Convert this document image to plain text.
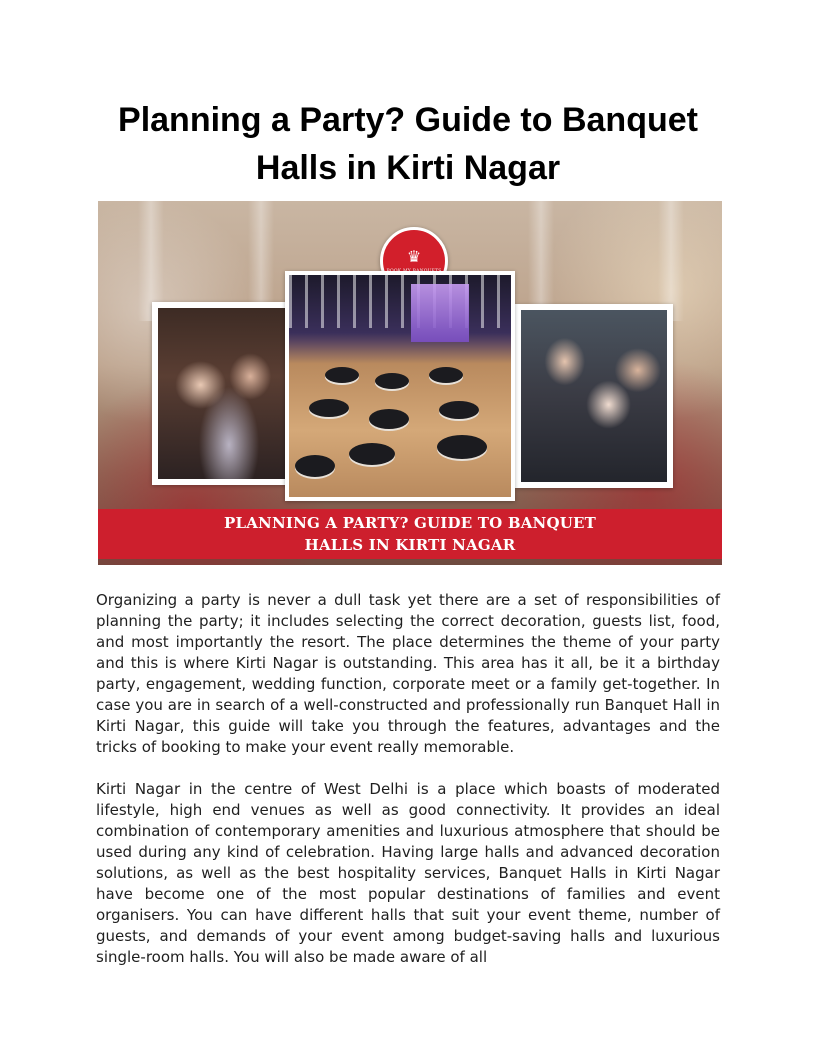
Planning a Party? Guide to Banquet Halls in Kirti Nagar
♛
PLANNING A PARTY? GUIDE TO BANQUET
HALLS IN KIRTI NAGAR

Organizing a party is never a dull task yet there are a set of responsibilities of planning the party; it includes selecting the correct decoration, guests list, food, and most importantly the resort. The place determines the theme of your party and this is where Kirti Nagar is outstanding. This area has it all, be it a birthday party, engagement, wedding function, corporate meet or a family get-together. In case you are in search of a well-constructed and professionally run Banquet Hall in Kirti Nagar, this guide will take you through the features, advantages and the tricks of booking to make your event really memorable.

Kirti Nagar in the centre of West Delhi is a place which boasts of moderated lifestyle, high end venues as well as good connectivity. It provides an ideal combination of contemporary amenities and luxurious atmosphere that should be used during any kind of celebration. Having large halls and advanced decoration solutions, as well as the best hospitality services, Banquet Halls in Kirti Nagar have become one of the most popular destinations of families and event organisers. You can have different halls that suit your event theme, number of guests, and demands of your event among budget-saving halls and luxurious single-room halls. You will also be made aware of all
